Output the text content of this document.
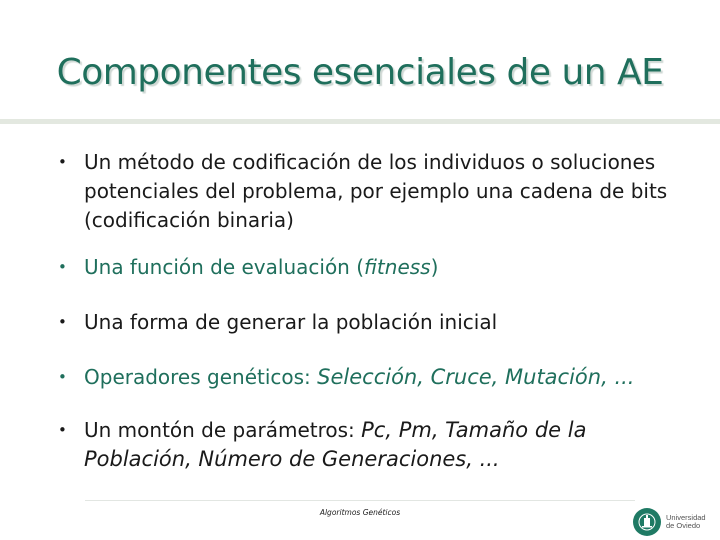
Componentes esenciales de un AE
• Un método de codificación de los individuos o soluciones potenciales del problema, por ejemplo una cadena de bits (codificación binaria)
• Una función de evaluación (fitness)
• Una forma de generar la población inicial
• Operadores genéticos: Selección, Cruce, Mutación, ...
• Un montón de parámetros: Pc, Pm, Tamaño de la
Población, Número de Generaciones, ...
Algoritmos Genéticos	Universidad
de Oviedo
